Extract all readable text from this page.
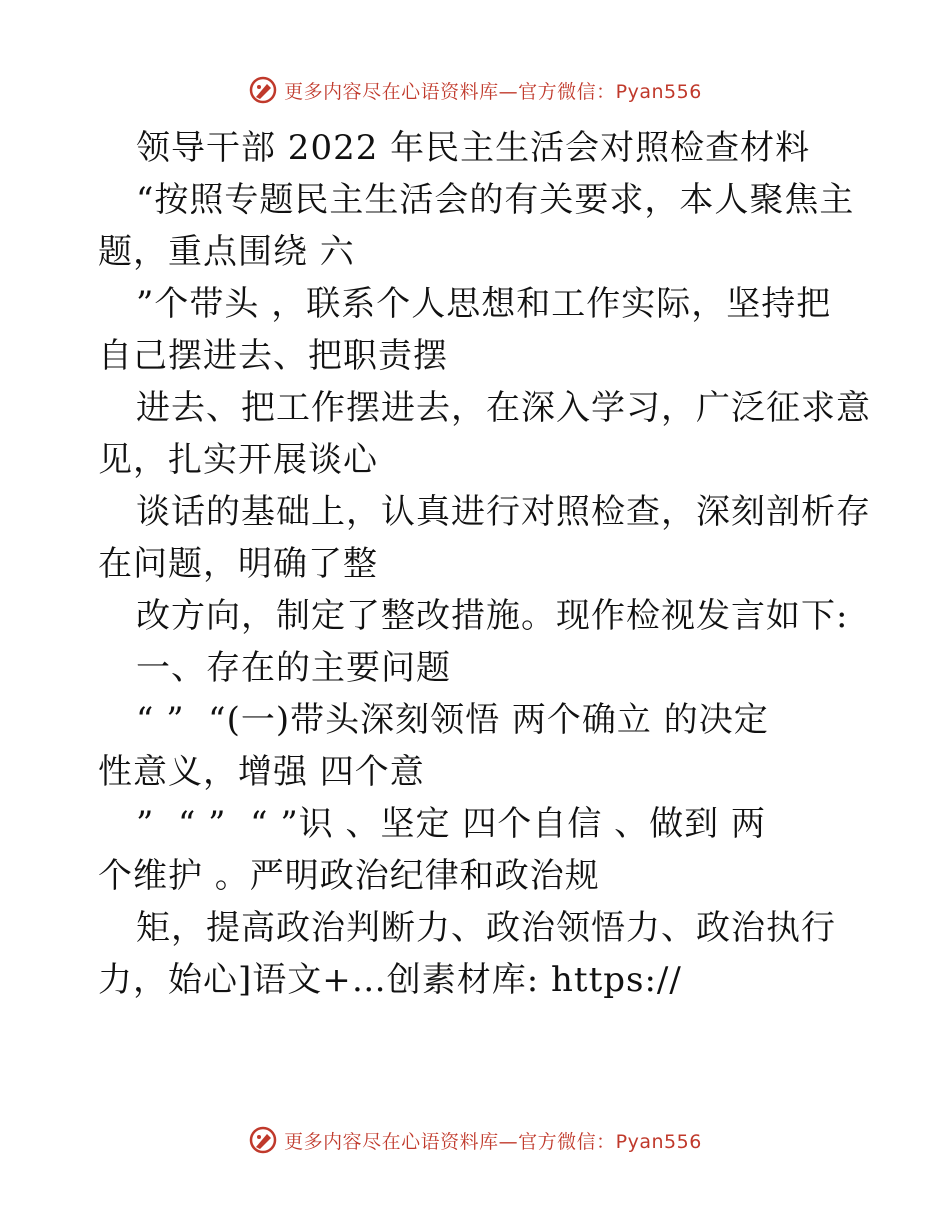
更多内容尽在心语资料库—官方微信：Pyan556
领导干部 2022 年民主生活会对照检查材料
“按照专题民主生活会的有关要求，本人聚焦主
题，重点围绕 六
”个带头 ，联系个人思想和工作实际，坚持把
自己摆进去、把职责摆
进去、把工作摆进去，在深入学习，广泛征求意
见，扎实开展谈心
谈话的基础上，认真进行对照检查，深刻剖析存
在问题，明确了整
改方向，制定了整改措施。现作检视发言如下:
一、存在的主要问题
“ ”  “(一)带头深刻领悟 两个确立 的决定
性意义，增强 四个意
”  “ ”  “ ”识 、坚定 四个自信 、做到 两
个维护 。严明政治纪律和政治规
矩，提高政治判断力、政治领悟力、政治执行
力，始心]语文+…创素材库: https://
更多内容尽在心语资料库—官方微信：Pyan556
